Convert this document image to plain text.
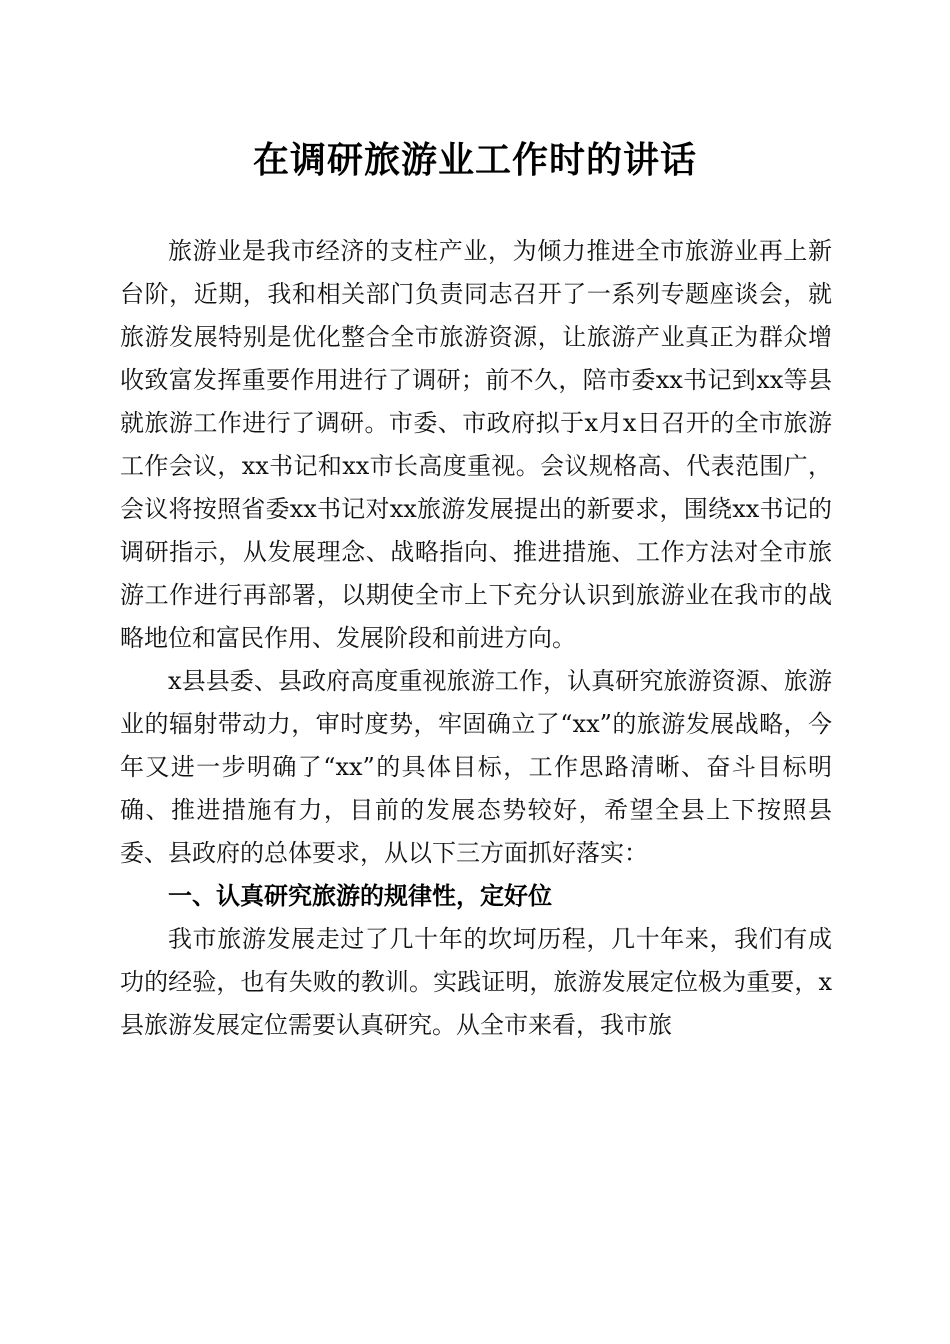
在调研旅游业工作时的讲话

旅游业是我市经济的支柱产业，为倾力推进全市旅游业再上新台阶，近期，我和相关部门负责同志召开了一系列专题座谈会，就旅游发展特别是优化整合全市旅游资源，让旅游产业真正为群众增收致富发挥重要作用进行了调研；前不久，陪市委xx书记到xx等县就旅游工作进行了调研。市委、市政府拟于x月x日召开的全市旅游工作会议，xx书记和xx市长高度重视。会议规格高、代表范围广，会议将按照省委xx书记对xx旅游发展提出的新要求，围绕xx书记的调研指示，从发展理念、战略指向、推进措施、工作方法对全市旅游工作进行再部署，以期使全市上下充分认识到旅游业在我市的战略地位和富民作用、发展阶段和前进方向。

x县县委、县政府高度重视旅游工作，认真研究旅游资源、旅游业的辐射带动力，审时度势，牢固确立了“xx”的旅游发展战略，今年又进一步明确了“xx”的具体目标，工作思路清晰、奋斗目标明确、推进措施有力，目前的发展态势较好，希望全县上下按照县委、县政府的总体要求，从以下三方面抓好落实：

一、认真研究旅游的规律性，定好位

我市旅游发展走过了几十年的坎坷历程，几十年来，我们有成功的经验，也有失败的教训。实践证明，旅游发展定位极为重要，x县旅游发展定位需要认真研究。从全市来看，我市旅
